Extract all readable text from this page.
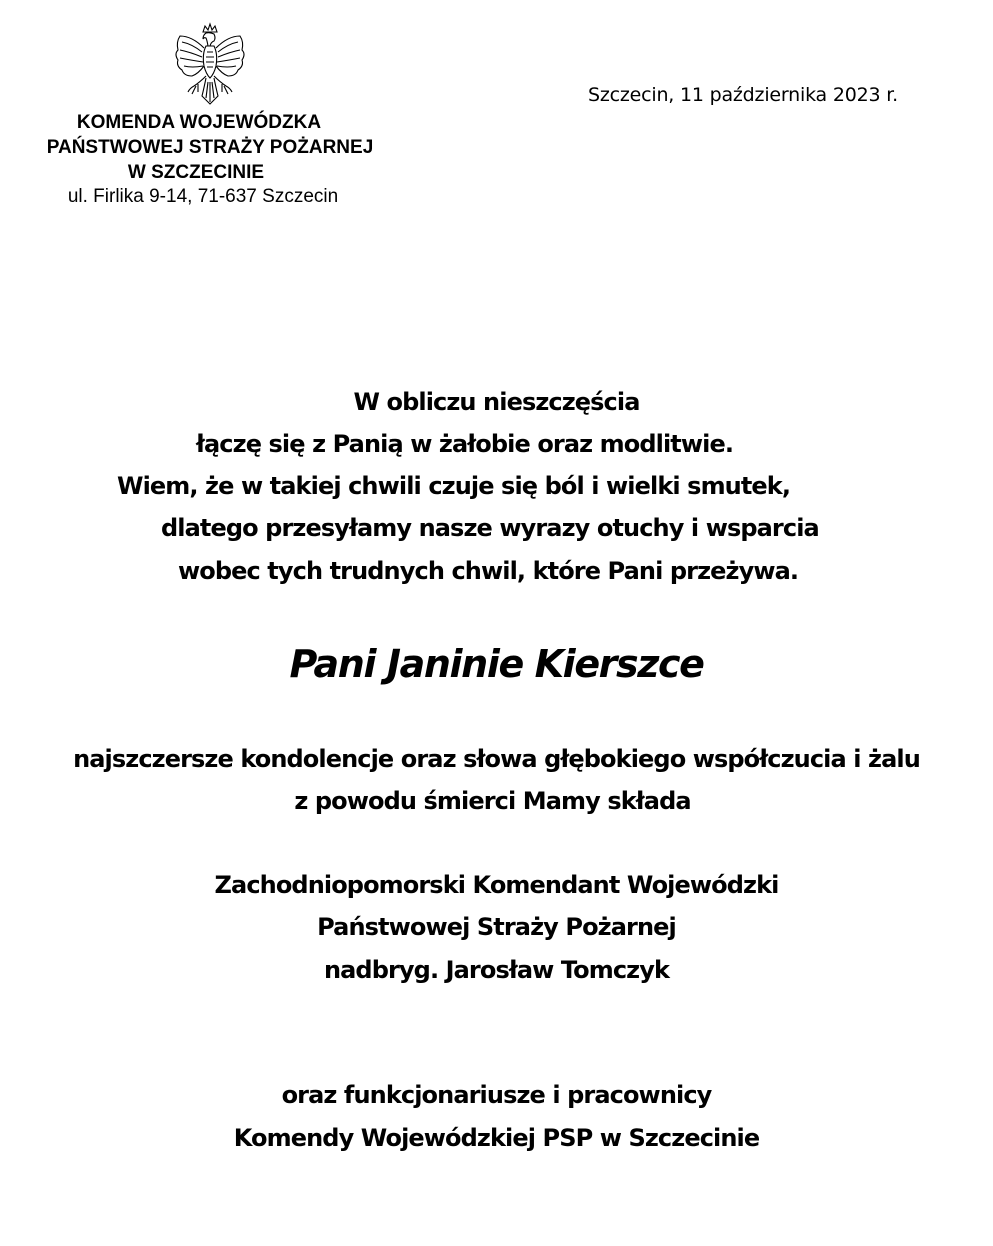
KOMENDA WOJEWÓDZKA
PAŃSTWOWEJ STRAŻY POŻARNEJ
W SZCZECINIE
ul. Firlika 9-14, 71-637 Szczecin
Szczecin, 11 października 2023 r.
W obliczu nieszczęścia
łączę się z Panią w żałobie oraz modlitwie.
Wiem, że w takiej chwili czuje się ból i wielki smutek,
dlatego przesyłamy nasze wyrazy otuchy i wsparcia
wobec tych trudnych chwil, które Pani przeżywa.
Pani Janinie Kierszce
najszczersze kondolencje oraz słowa głębokiego współczucia i żalu
z powodu śmierci Mamy składa
Zachodniopomorski Komendant Wojewódzki
Państwowej Straży Pożarnej
nadbryg. Jarosław Tomczyk
oraz funkcjonariusze i pracownicy
Komendy Wojewódzkiej PSP w Szczecinie
